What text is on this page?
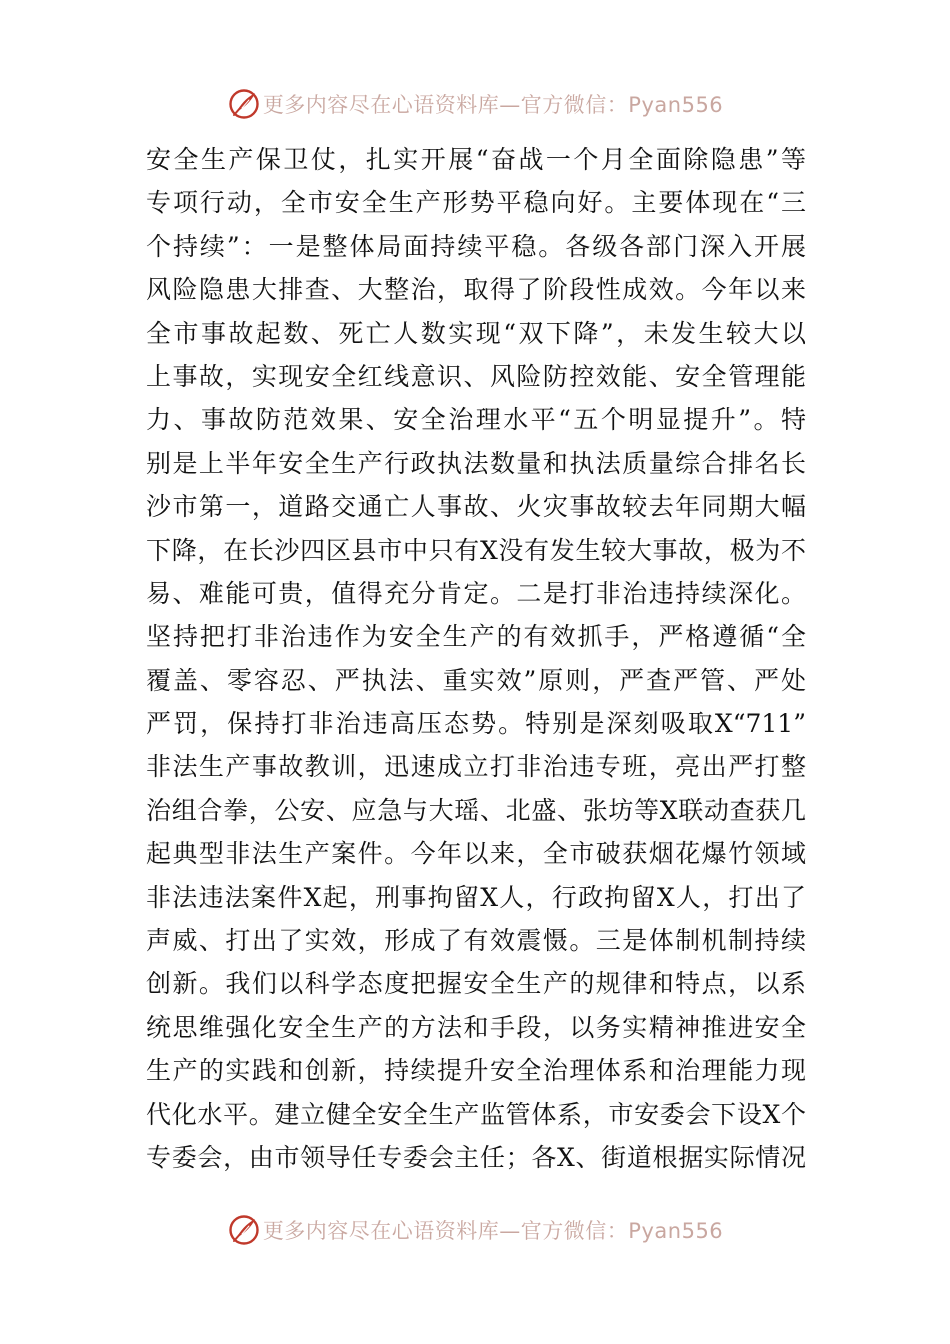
更多内容尽在心语资料库—官方微信：Pyan556
安全生产保卫仗，扎实开展“奋战一个月全面除隐患”等
专项行动，全市安全生产形势平稳向好。主要体现在“三
个持续”：一是整体局面持续平稳。各级各部门深入开展
风险隐患大排查、大整治，取得了阶段性成效。今年以来
全市事故起数、死亡人数实现“双下降”，未发生较大以
上事故，实现安全红线意识、风险防控效能、安全管理能
力、事故防范效果、安全治理水平“五个明显提升”。特
别是上半年安全生产行政执法数量和执法质量综合排名长
沙市第一，道路交通亡人事故、火灾事故较去年同期大幅
下降，在长沙四区县市中只有X没有发生较大事故，极为不
易、难能可贵，值得充分肯定。二是打非治违持续深化。
坚持把打非治违作为安全生产的有效抓手，严格遵循“全
覆盖、零容忍、严执法、重实效”原则，严查严管、严处
严罚，保持打非治违高压态势。特别是深刻吸取X“711”
非法生产事故教训，迅速成立打非治违专班，亮出严打整
治组合拳，公安、应急与大瑶、北盛、张坊等X联动查获几
起典型非法生产案件。今年以来，全市破获烟花爆竹领域
非法违法案件X起，刑事拘留X人，行政拘留X人，打出了
声威、打出了实效，形成了有效震慑。三是体制机制持续
创新。我们以科学态度把握安全生产的规律和特点，以系
统思维强化安全生产的方法和手段，以务实精神推进安全
生产的实践和创新，持续提升安全治理体系和治理能力现
代化水平。建立健全安全生产监管体系，市安委会下设X个
专委会，由市领导任专委会主任；各X、街道根据实际情况
更多内容尽在心语资料库—官方微信：Pyan556
